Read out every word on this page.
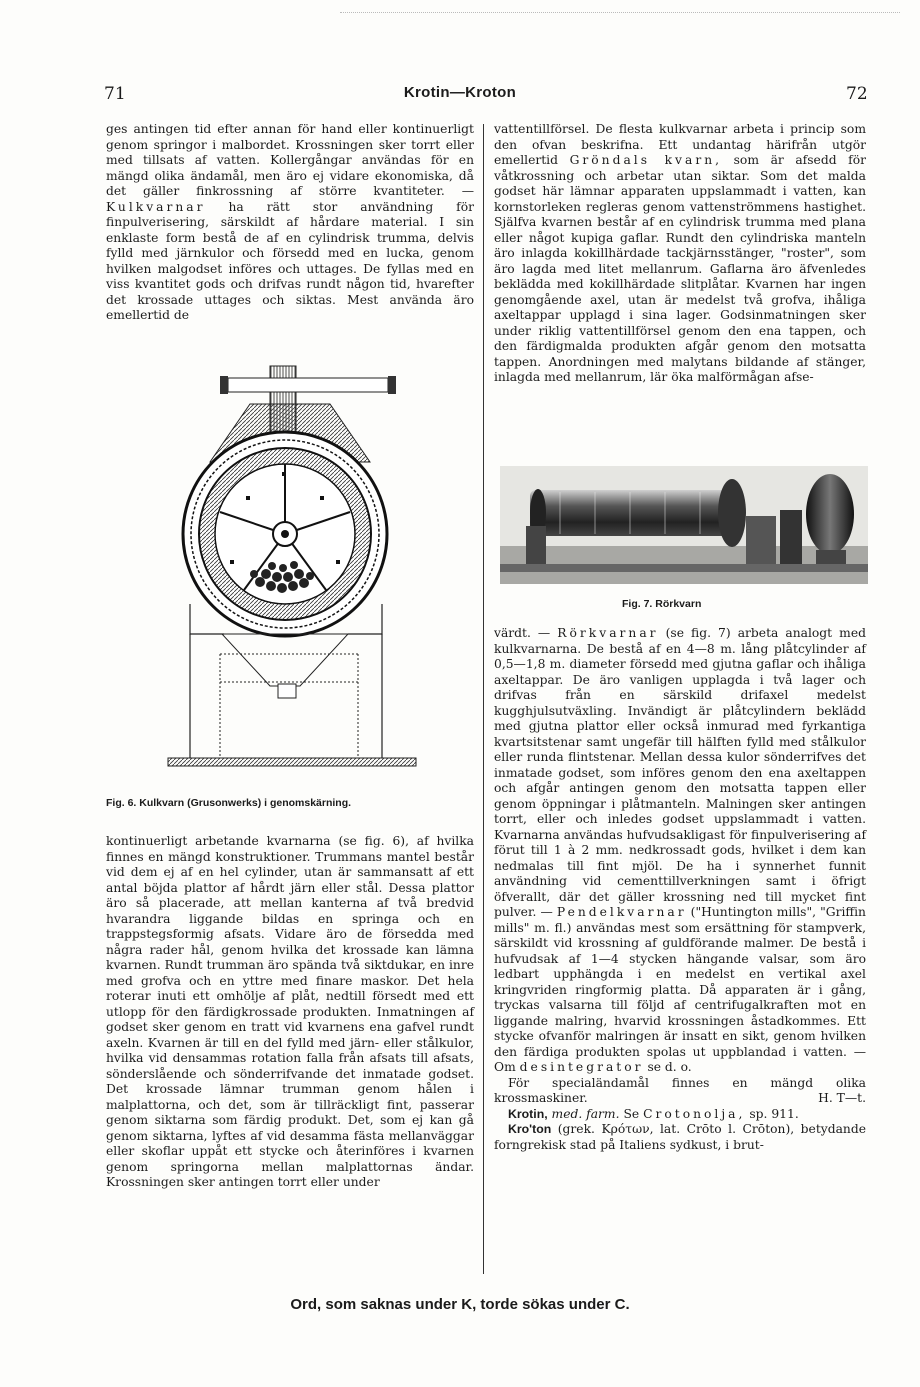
71	Krotin—Kroton	72

ges antingen tid efter annan för hand eller kontinuerligt genom springor i malbordet. Krossningen sker torrt eller med tillsats af vatten. Kollergångar användas för en mängd olika ändamål, men äro ej vidare ekonomiska, då det gäller finkrossning af större kvantiteter. — Kulkvarnar ha rätt stor användning för finpulverisering, särskildt af hårdare material. I sin enklaste form bestå de af en cylindrisk trumma, delvis fylld med järnkulor och försedd med en lucka, genom hvilken malgodset införes och uttages. De fyllas med en viss kvantitet gods och drifvas rundt någon tid, hvarefter det krossade uttages och siktas. Mest använda äro emellertid de

Fig. 6. Kulkvarn (Grusonwerks) i genomskärning.

kontinuerligt arbetande kvarnarna (se fig. 6), af hvilka finnes en mängd konstruktioner. Trummans mantel består vid dem ej af en hel cylinder, utan är sammansatt af ett antal böjda plattor af hårdt järn eller stål. Dessa plattor äro så placerade, att mellan kanterna af två bredvid hvarandra liggande bildas en springa och en trappstegsformig afsats. Vidare äro de försedda med några rader hål, genom hvilka det krossade kan lämna kvarnen. Rundt trumman äro spända två siktdukar, en inre med grofva och en yttre med finare maskor. Det hela roterar inuti ett omhölje af plåt, nedtill försedt med ett utlopp för den färdigkrossade produkten. Inmatningen af godset sker genom en tratt vid kvarnens ena gafvel rundt axeln. Kvarnen är till en del fylld med järn- eller stålkulor, hvilka vid densammas rotation falla från afsats till afsats, sönderslående och sönderrifvande det inmatade godset. Det krossade lämnar trumman genom hålen i malplattorna, och det, som är tillräckligt fint, passerar genom siktarna som färdig produkt. Det, som ej kan gå genom siktarna, lyftes af vid desamma fästa mellanväggar eller skoflar uppåt ett stycke och återinföres i kvarnen genom springorna mellan malplattornas ändar. Krossningen sker antingen torrt eller under

vattentillförsel. De flesta kulkvarnar arbeta i princip som den ofvan beskrifna. Ett undantag härifrån utgör emellertid Gröndals kvarn, som är afsedd för våtkrossning och arbetar utan siktar. Som det malda godset här lämnar apparaten uppslammadt i vatten, kan kornstorleken regleras genom vattenströmmens hastighet. Själfva kvarnen består af en cylindrisk trumma med plana eller något kupiga gaflar. Rundt den cylindriska manteln äro inlagda kokillhärdade tackjärnsstänger, "roster", som äro lagda med litet mellanrum. Gaflarna äro äfvenledes beklädda med kokillhärdade slitplåtar. Kvarnen har ingen genomgående axel, utan är medelst två grofva, ihåliga axeltappar upplagd i sina lager. Godsinmatningen sker under riklig vattentillförsel genom den ena tappen, och den färdigmalda produkten afgår genom den motsatta tappen. Anordningen med malytans bildande af stänger, inlagda med mellanrum, lär öka malförmågan afse-

Fig. 7. Rörkvarn

värdt. — Rörkvarnar (se fig. 7) arbeta analogt med kulkvarnarna. De bestå af en 4—8 m. lång plåtcylinder af 0,5—1,8 m. diameter försedd med gjutna gaflar och ihåliga axeltappar. De äro vanligen upplagda i två lager och drifvas från en särskild drifaxel medelst kugghjulsutväxling. Invändigt är plåtcylindern beklädd med gjutna plattor eller också inmurad med fyrkantiga kvartsitstenar samt ungefär till hälften fylld med stålkulor eller runda flintstenar. Mellan dessa kulor sönderrifves det inmatade godset, som införes genom den ena axeltappen och afgår antingen genom den motsatta tappen eller genom öppningar i plåtmanteln. Malningen sker antingen torrt, eller och inledes godset uppslammadt i vatten. Kvarnarna användas hufvudsakligast för finpulverisering af förut till 1 à 2 mm. nedkrossadt gods, hvilket i dem kan nedmalas till fint mjöl. De ha i synnerhet funnit användning vid cementtillverkningen samt i öfrigt öfverallt, där det gäller krossning ned till mycket fint pulver. — Pendelkvarnar ("Huntington mills", "Griffin mills" m. fl.) användas mest som ersättning för stampverk, särskildt vid krossning af guldförande malmer. De bestå i hufvudsak af 1—4 stycken hängande valsar, som äro ledbart upphängda i en medelst en vertikal axel kringvriden ringformig platta. Då apparaten är i gång, tryckas valsarna till följd af centrifugalkraften mot en liggande malring, hvarvid krossningen åstadkommes. Ett stycke ofvanför malringen är insatt en sikt, genom hvilken den färdiga produkten spolas ut uppblandad i vatten. — Om desintegrator se d. o.

För specialändamål finnes en mängd olika krossmaskiner.	H. T—t.

Krotin, med. farm. Se Crotonolja, sp. 911.

Kro'ton (grek. Κρότων, lat. Crōto l. Crōton), betydande forngrekisk stad på Italiens sydkust, i brut-

Ord, som saknas under K, torde sökas under C.
